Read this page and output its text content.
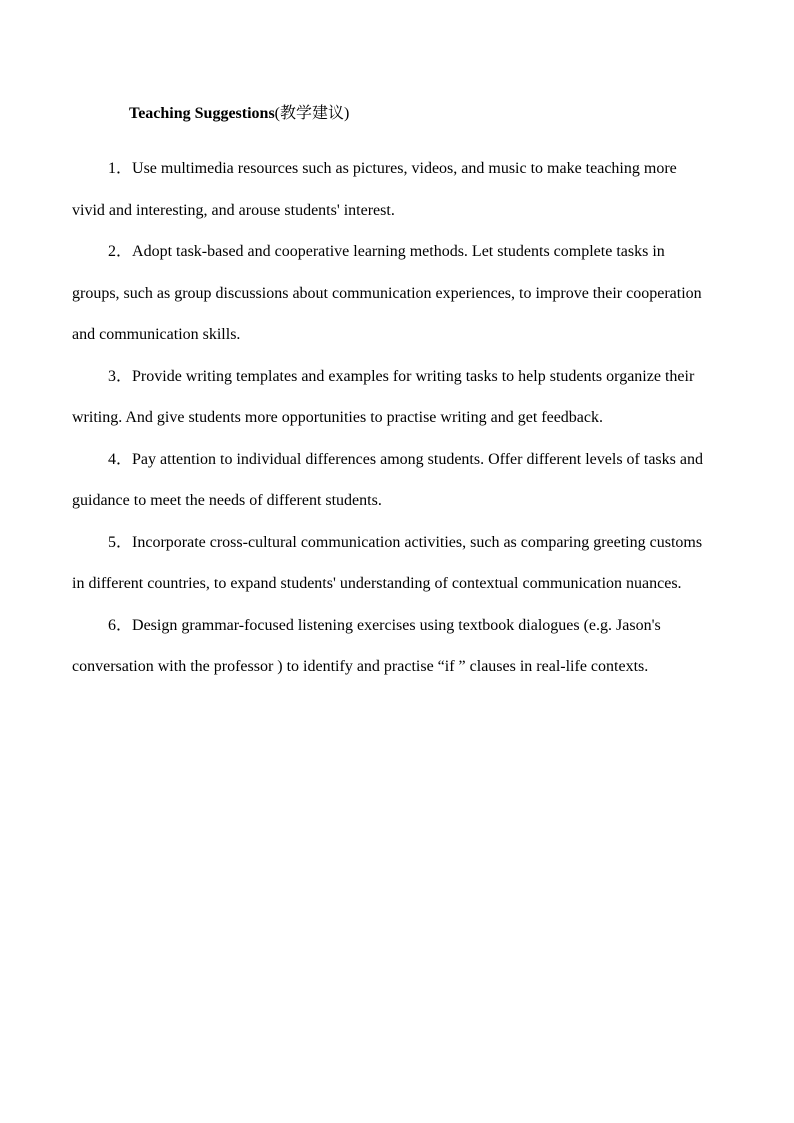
Teaching Suggestions(教学建议)

1．Use multimedia resources such as pictures, videos, and music to make teaching more vivid and interesting, and arouse students' interest.

2．Adopt task-based and cooperative learning methods. Let students complete tasks in groups, such as group discussions about communication experiences, to improve their cooperation and communication skills.

3．Provide writing templates and examples for writing tasks to help students organize their writing. And give students more opportunities to practise writing and get feedback.

4．Pay attention to individual differences among students. Offer different levels of tasks and guidance to meet the needs of different students.

5．Incorporate cross-cultural communication activities, such as comparing greeting customs in different countries, to expand students' understanding of contextual communication nuances.

6．Design grammar-focused listening exercises using textbook dialogues (e.g. Jason's conversation with the professor ) to identify and practise “if ” clauses in real-life contexts.
